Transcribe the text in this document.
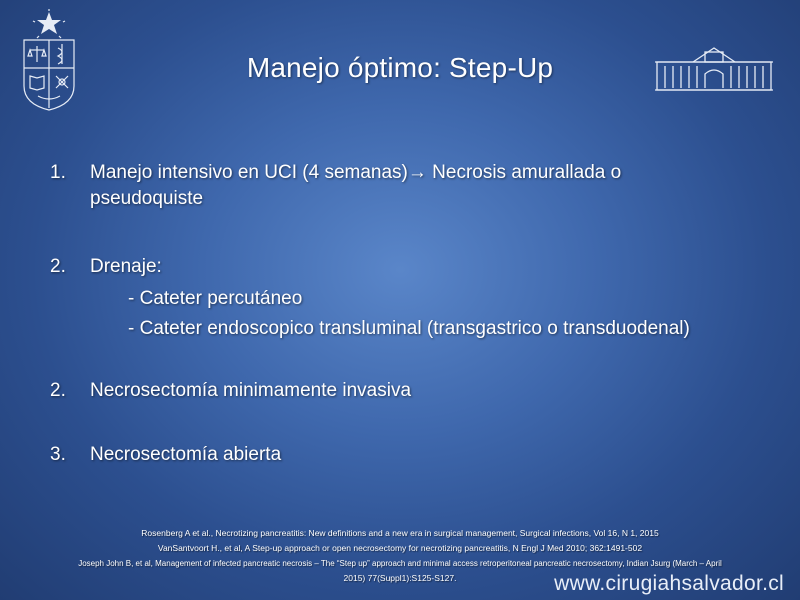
Manejo óptimo: Step-Up
1. Manejo intensivo en UCI (4 semanas)→ Necrosis amurallada o
pseudoquiste
2. Drenaje:
- Cateter percutáneo
- Cateter endoscopico transluminal (transgastrico o transduodenal)
2. Necrosectomía minimamente invasiva
3. Necrosectomía abierta
Rosenberg A et al., Necrotizing pancreatitis: New definitions and a new era in surgical management, Surgical infections, Vol 16, N 1, 2015
VanSantvoort H., et al, A Step-up approach or open necrosectomy for necrotizing pancreatitis, N Engl J Med 2010; 362:1491-502
Joseph John B, et al, Management of infected pancreatic necrosis – The “Step up” approach and minimal access retroperitoneal pancreatic necrosectomy, Indian Jsurg (March – April
2015) 77(Suppl1):S125-S127.	www.cirugiahsalvador.cl
